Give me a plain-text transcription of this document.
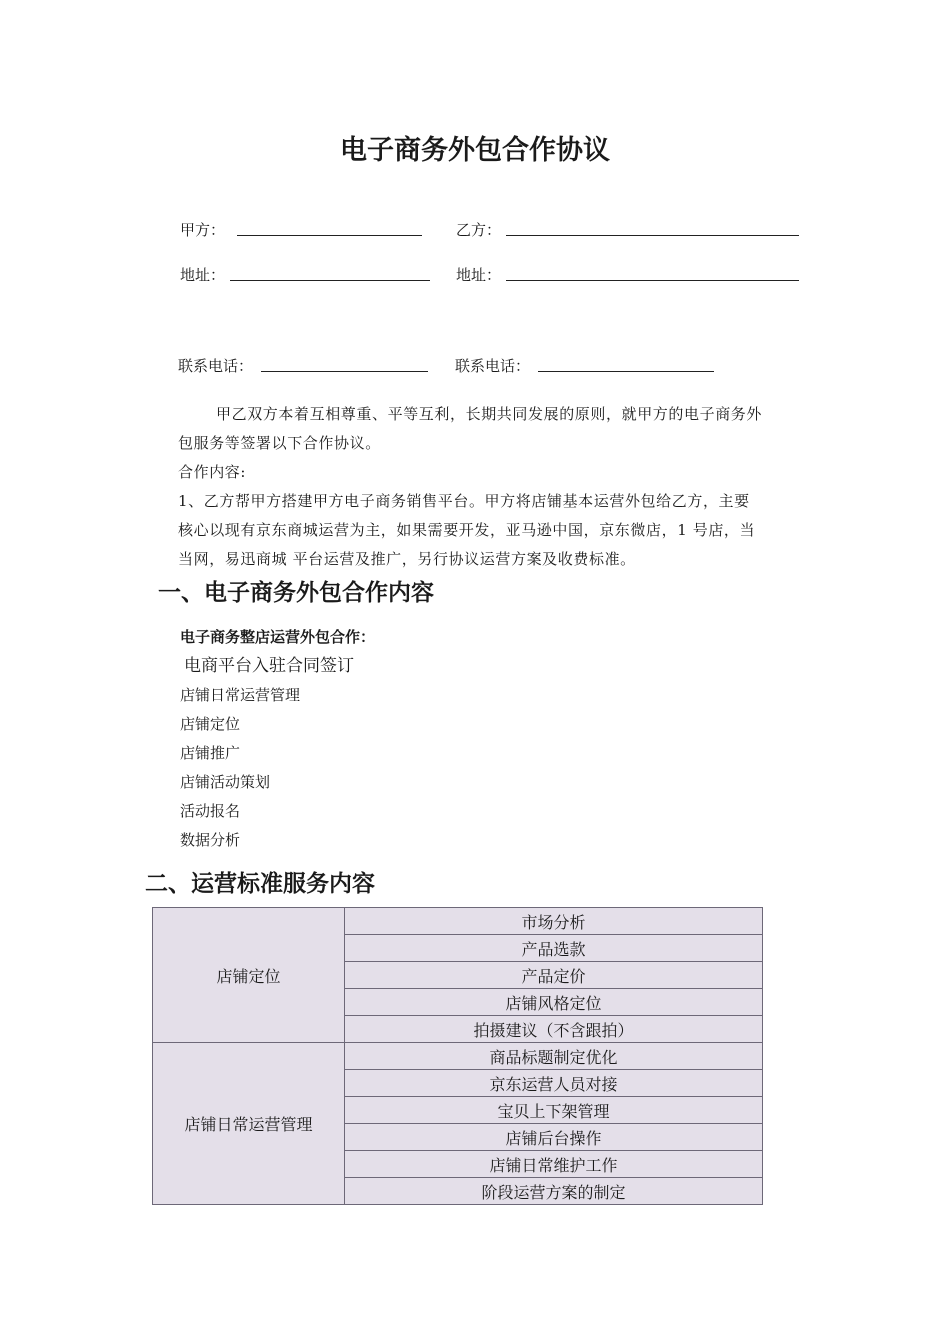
电子商务外包合作协议
甲方：	乙方：
地址：	地址：
联系电话：	联系电话：

甲乙双方本着互相尊重、平等互利，长期共同发展的原则，就甲方的电子商务外

包服务等签署以下合作协议。

合作内容:

1、乙方帮甲方搭建甲方电子商务销售平台。甲方将店铺基本运营外包给乙方，主要

核心以现有京东商城运营为主，如果需要开发，亚马逊中国，京东微店，1 号店，当

当网，易迅商城 平台运营及推广，另行协议运营方案及收费标准。

一、电子商务外包合作内容
电子商务整店运营外包合作：
电商平台入驻合同签订
店铺日常运营管理
店铺定位
店铺推广
店铺活动策划
活动报名
数据分析
二、运营标准服务内容
店铺定位	市场分析
	产品选款
	产品定价
	店铺风格定位
	拍摄建议（不含跟拍）
店铺日常运营管理	商品标题制定优化
	京东运营人员对接
	宝贝上下架管理
	店铺后台操作
	店铺日常维护工作
	阶段运营方案的制定
